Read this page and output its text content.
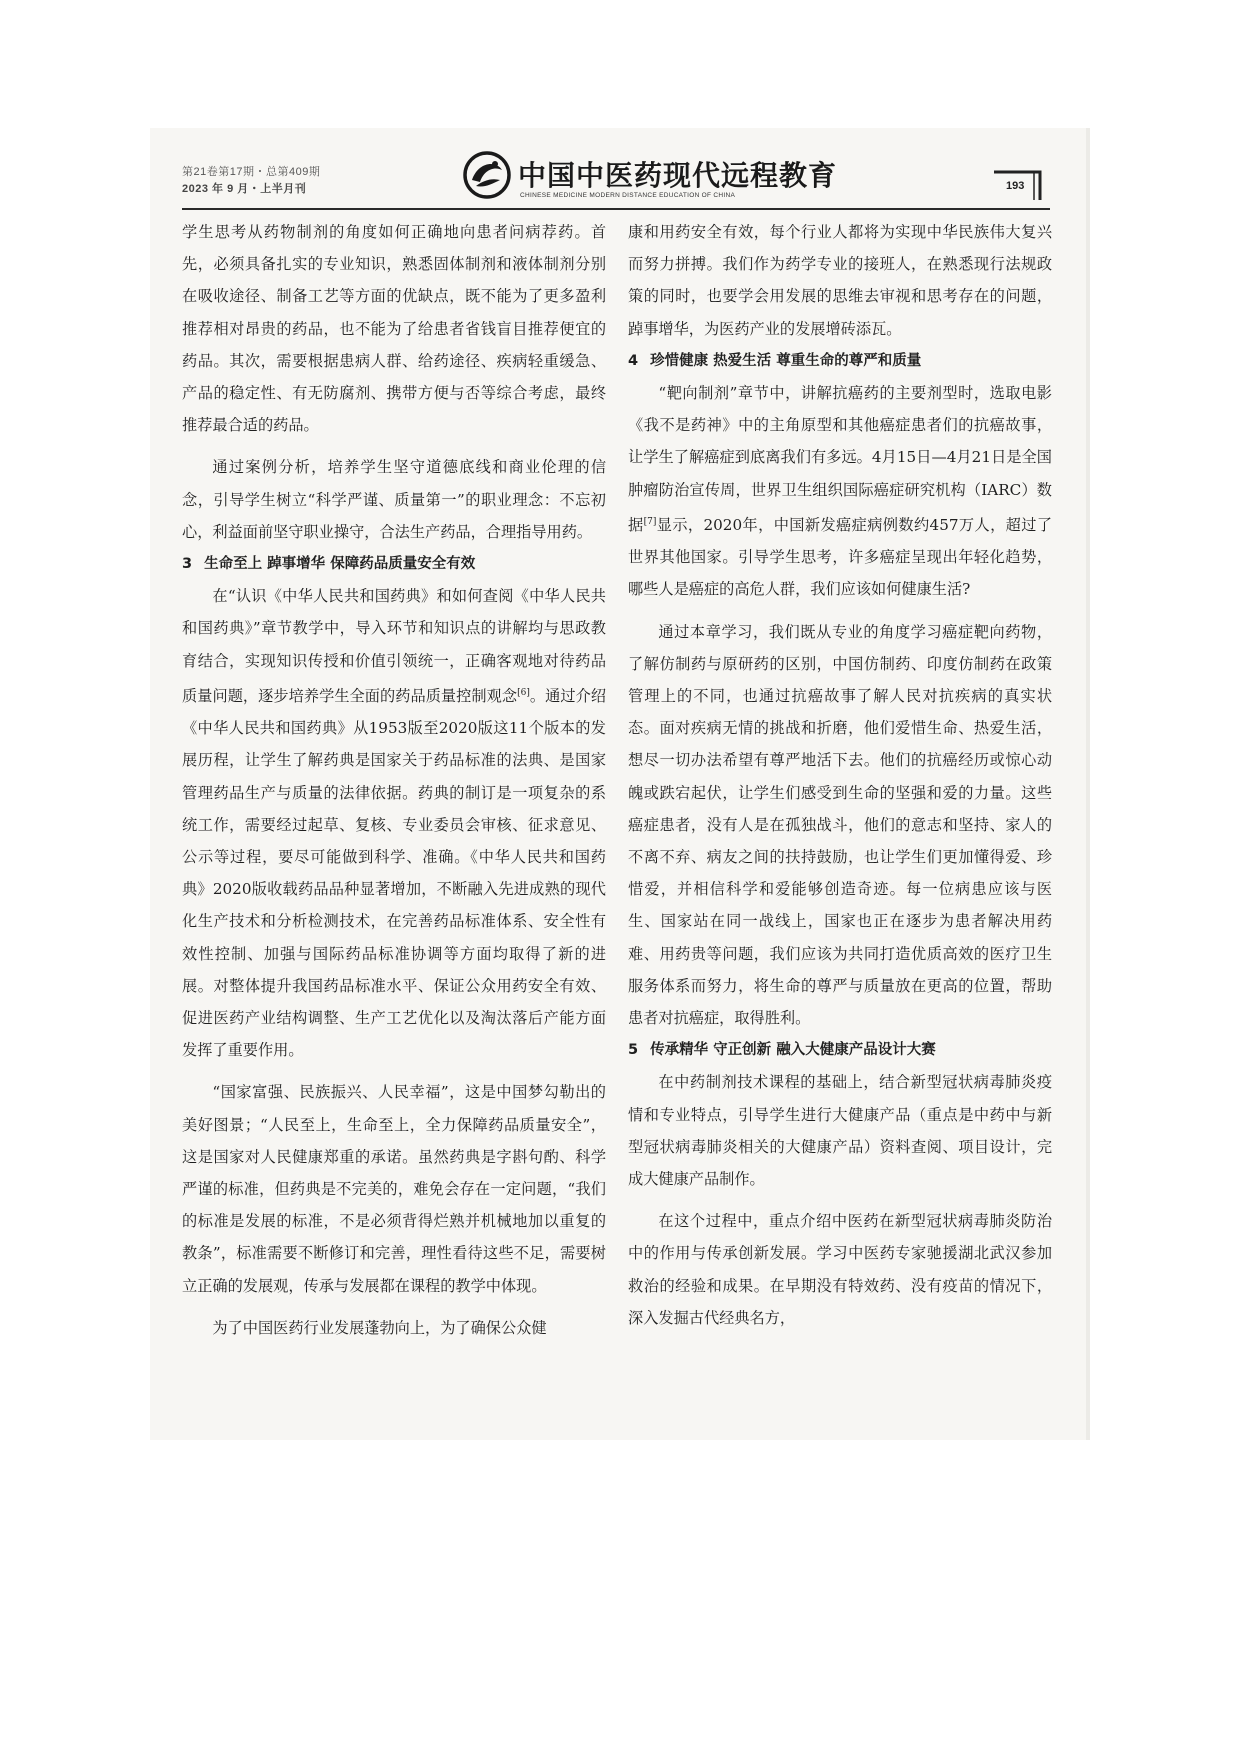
第21卷第17期・总第409期
2023 年 9 月・上半月刊	中国中医药现代远程教育
CHINESE MEDICINE MODERN DISTANCE EDUCATION OF CHINA
193

学生思考从药物制剂的角度如何正确地向患者问病荐药。首先，必须具备扎实的专业知识，熟悉固体制剂和液体制剂分别在吸收途径、制备工艺等方面的优缺点，既不能为了更多盈利推荐相对昂贵的药品，也不能为了给患者省钱盲目推荐便宜的药品。其次，需要根据患病人群、给药途径、疾病轻重缓急、产品的稳定性、有无防腐剂、携带方便与否等综合考虑，最终推荐最合适的药品。

通过案例分析，培养学生坚守道德底线和商业伦理的信念，引导学生树立“科学严谨、质量第一”的职业理念：不忘初心，利益面前坚守职业操守，合法生产药品，合理指导用药。

3 生命至上 踔事增华 保障药品质量安全有效

在“认识《中华人民共和国药典》和如何查阅《中华人民共和国药典》”章节教学中，导入环节和知识点的讲解均与思政教育结合，实现知识传授和价值引领统一，正确客观地对待药品质量问题，逐步培养学生全面的药品质量控制观念[6]。通过介绍《中华人民共和国药典》从1953版至2020版这11个版本的发展历程，让学生了解药典是国家关于药品标准的法典、是国家管理药品生产与质量的法律依据。药典的制订是一项复杂的系统工作，需要经过起草、复核、专业委员会审核、征求意见、公示等过程，要尽可能做到科学、准确。《中华人民共和国药典》2020版收载药品品种显著增加，不断融入先进成熟的现代化生产技术和分析检测技术，在完善药品标准体系、安全性有效性控制、加强与国际药品标准协调等方面均取得了新的进展。对整体提升我国药品标准水平、保证公众用药安全有效、促进医药产业结构调整、生产工艺优化以及淘汰落后产能方面发挥了重要作用。

“国家富强、民族振兴、人民幸福”，这是中国梦勾勒出的美好图景；“人民至上，生命至上，全力保障药品质量安全”，这是国家对人民健康郑重的承诺。虽然药典是字斟句酌、科学严谨的标准，但药典是不完美的，难免会存在一定问题，“我们的标准是发展的标准，不是必须背得烂熟并机械地加以重复的教条”，标准需要不断修订和完善，理性看待这些不足，需要树立正确的发展观，传承与发展都在课程的教学中体现。

为了中国医药行业发展蓬勃向上，为了确保公众健

康和用药安全有效，每个行业人都将为实现中华民族伟大复兴而努力拼搏。我们作为药学专业的接班人，在熟悉现行法规政策的同时，也要学会用发展的思维去审视和思考存在的问题，踔事增华，为医药产业的发展增砖添瓦。

4 珍惜健康 热爱生活 尊重生命的尊严和质量

“靶向制剂”章节中，讲解抗癌药的主要剂型时，选取电影《我不是药神》中的主角原型和其他癌症患者们的抗癌故事，让学生了解癌症到底离我们有多远。4月15日—4月21日是全国肿瘤防治宣传周，世界卫生组织国际癌症研究机构（IARC）数据[7]显示，2020年，中国新发癌症病例数约457万人，超过了世界其他国家。引导学生思考，许多癌症呈现出年轻化趋势，哪些人是癌症的高危人群，我们应该如何健康生活?

通过本章学习，我们既从专业的角度学习癌症靶向药物，了解仿制药与原研药的区别，中国仿制药、印度仿制药在政策管理上的不同，也通过抗癌故事了解人民对抗疾病的真实状态。面对疾病无情的挑战和折磨，他们爱惜生命、热爱生活，想尽一切办法希望有尊严地活下去。他们的抗癌经历或惊心动魄或跌宕起伏，让学生们感受到生命的坚强和爱的力量。这些癌症患者，没有人是在孤独战斗，他们的意志和坚持、家人的不离不弃、病友之间的扶持鼓励，也让学生们更加懂得爱、珍惜爱，并相信科学和爱能够创造奇迹。每一位病患应该与医生、国家站在同一战线上，国家也正在逐步为患者解决用药难、用药贵等问题，我们应该为共同打造优质高效的医疗卫生服务体系而努力，将生命的尊严与质量放在更高的位置，帮助患者对抗癌症，取得胜利。

5 传承精华 守正创新 融入大健康产品设计大赛

在中药制剂技术课程的基础上，结合新型冠状病毒肺炎疫情和专业特点，引导学生进行大健康产品（重点是中药中与新型冠状病毒肺炎相关的大健康产品）资料查阅、项目设计，完成大健康产品制作。

在这个过程中，重点介绍中医药在新型冠状病毒肺炎防治中的作用与传承创新发展。学习中医药专家驰援湖北武汉参加救治的经验和成果。在早期没有特效药、没有疫苗的情况下，深入发掘古代经典名方，
